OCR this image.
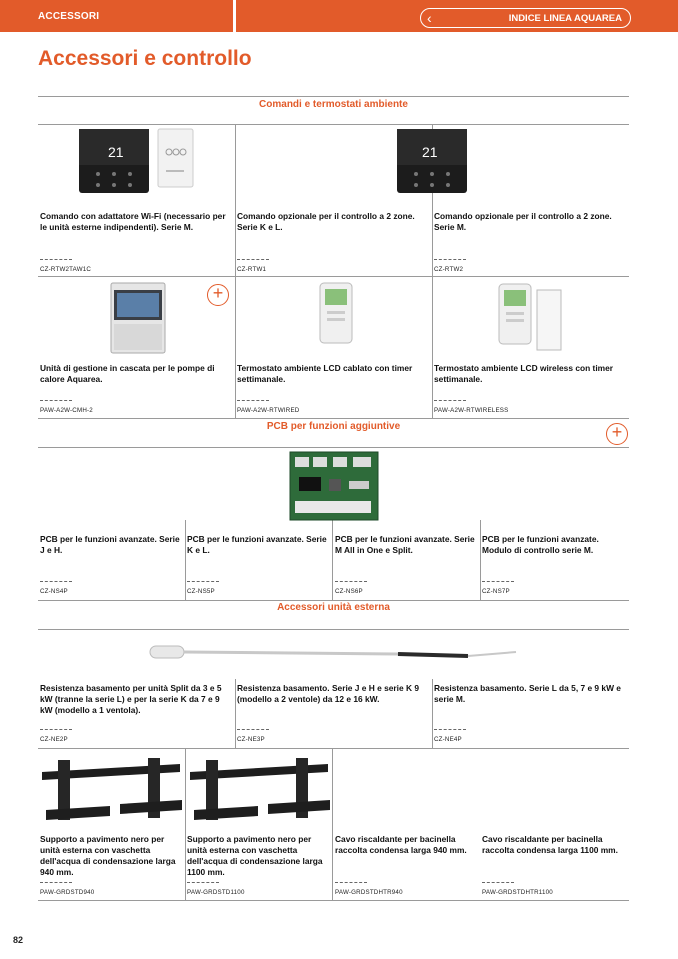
ACCESSORI	‹	INDICE LINEA AQUAREA
Accessori e controllo
Comandi e termostati ambiente
21
Comando con adattatore Wi-Fi (necessario per le unità esterne indipendenti). Serie M.
CZ-RTW2TAW1C
Comando opzionale per il controllo a 2 zone. Serie K e L.
CZ-RTW1
21
Comando opzionale per il controllo a 2 zone. Serie M.
CZ-RTW2
+
Unità di gestione in cascata per le pompe di calore Aquarea.
PAW-A2W-CMH-2
Termostato ambiente LCD cablato con timer settimanale.
PAW-A2W-RTWIRED
Termostato ambiente LCD wireless con timer settimanale.
PAW-A2W-RTWIRELESS
PCB per funzioni aggiuntive	+
PCB per le funzioni avanzate. Serie J e H.
CZ-NS4P
PCB per le funzioni avanzate. Serie K e L.
CZ-NS5P
PCB per le funzioni avanzate. Serie M All in One e Split.
CZ-NS6P
PCB per le funzioni avanzate. Modulo di controllo serie M.
CZ-NS7P
Accessori unità esterna
Resistenza basamento per unità Split da 3 e 5 kW (tranne la serie L) e per la serie K da 7 e 9 kW (modello a 1 ventola).
CZ-NE2P
Resistenza basamento. Serie J e H e serie K 9 (modello a 2 ventole) da 12 e 16 kW.
CZ-NE3P
Resistenza basamento. Serie L da 5, 7 e 9 kW e serie M.
CZ-NE4P
Supporto a pavimento nero per unità esterna con vaschetta dell'acqua di condensazione larga 940 mm.
PAW-GRDSTD940
Supporto a pavimento nero per unità esterna con vaschetta dell'acqua di condensazione larga 1100 mm.
PAW-GRDSTD1100
Cavo riscaldante per bacinella raccolta condensa larga 940 mm.
PAW-GRDSTDHTR940
Cavo riscaldante per bacinella raccolta condensa larga 1100 mm.
PAW-GRDSTDHTR1100
82
